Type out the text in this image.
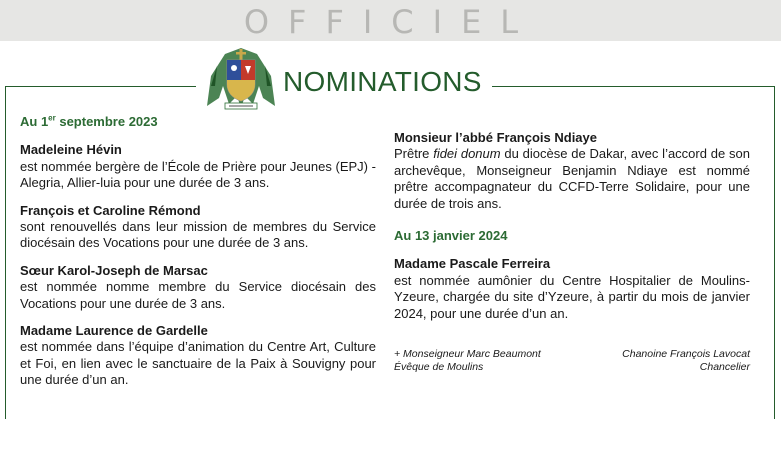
OFFICIEL
NOMINATIONS
Au 1er septembre 2023
Madeleine Hévin
est nommée bergère de l’École de Prière pour Jeunes (EPJ) - Alegria, Allier-luia pour une durée de 3 ans.
François et Caroline Rémond
sont renouvellés dans leur mission de membres du Service diocésain des Vocations pour une durée de 3 ans.
Sœur Karol-Joseph de Marsac
est nommée nomme membre du Service diocésain des Vocations pour une durée de 3 ans.
Madame Laurence de Gardelle
est nommée dans l’équipe d’animation du Centre Art, Culture et Foi, en lien avec le sanctuaire de la Paix à Souvigny pour une durée d’un an.
Monsieur l’abbé François Ndiaye
Prêtre fidei donum du diocèse de Dakar, avec l’accord de son archevêque, Monseigneur Benjamin Ndiaye est nommé prêtre accompagnateur du CCFD-Terre Solidaire, pour une durée de trois ans.
Au 13 janvier 2024
Madame Pascale Ferreira
est nommée aumônier du Centre Hospitalier de Moulins-Yzeure, chargée du site d’Yzeure, à partir du mois de janvier 2024, pour une durée d’un an.
+ Monseigneur Marc Beaumont
Évêque de Moulins
Chanoine François Lavocat
Chancelier
